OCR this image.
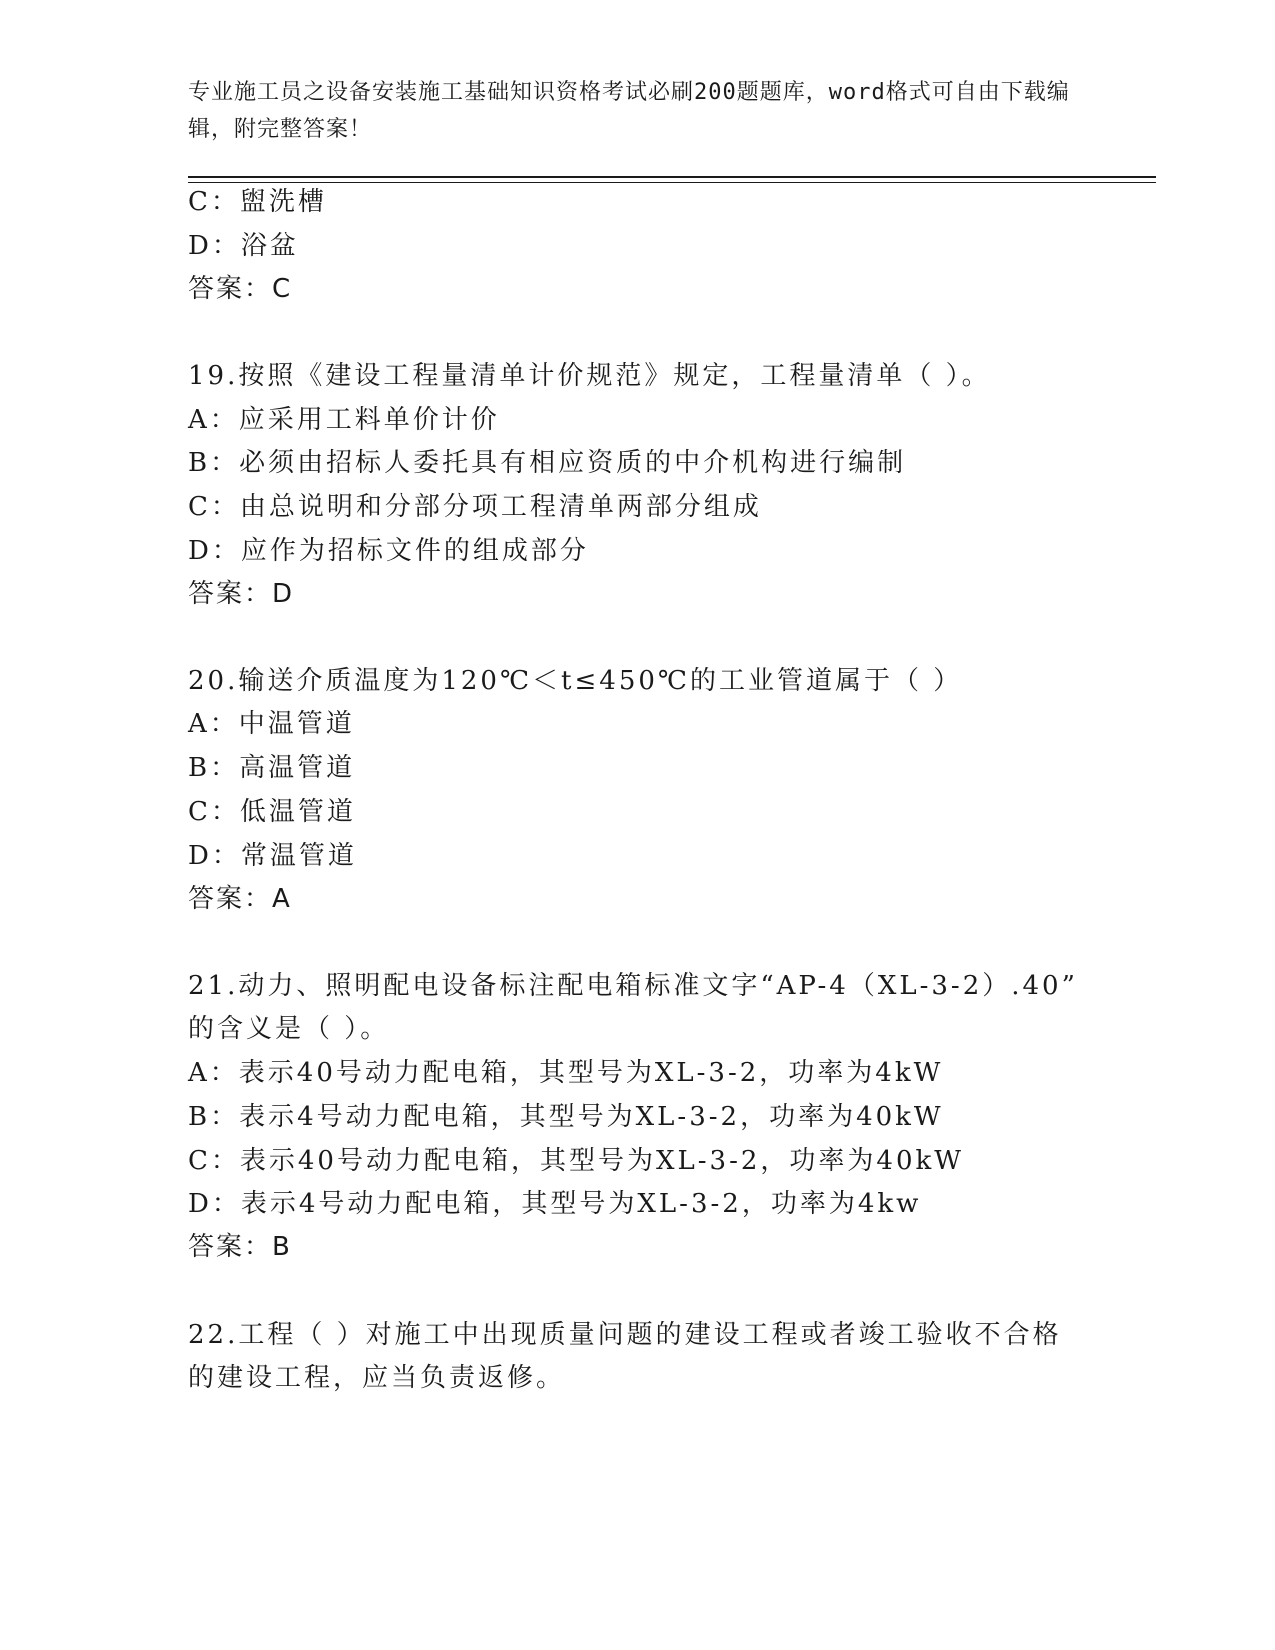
专业施工员之设备安装施工基础知识资格考试必刷200题题库，word格式可自由下载编辑，附完整答案！
C：盥洗槽
D：浴盆
答案：C
19.按照《建设工程量清单计价规范》规定，工程量清单（ ）。
A：应采用工料单价计价
B：必须由招标人委托具有相应资质的中介机构进行编制
C：由总说明和分部分项工程清单两部分组成
D：应作为招标文件的组成部分
答案：D
20.输送介质温度为120℃＜t≤450℃的工业管道属于（ ）
A：中温管道
B：高温管道
C：低温管道
D：常温管道
答案：A
21.动力、照明配电设备标注配电箱标准文字“AP-4（XL-3-2）.40”
的含义是（ ）。
A：表示40号动力配电箱，其型号为XL-3-2，功率为4kW
B：表示4号动力配电箱，其型号为XL-3-2，功率为40kW
C：表示40号动力配电箱，其型号为XL-3-2，功率为40kW
D：表示4号动力配电箱，其型号为XL-3-2，功率为4kw
答案：B
22.工程（ ）对施工中出现质量问题的建设工程或者竣工验收不合格
的建设工程，应当负责返修。
